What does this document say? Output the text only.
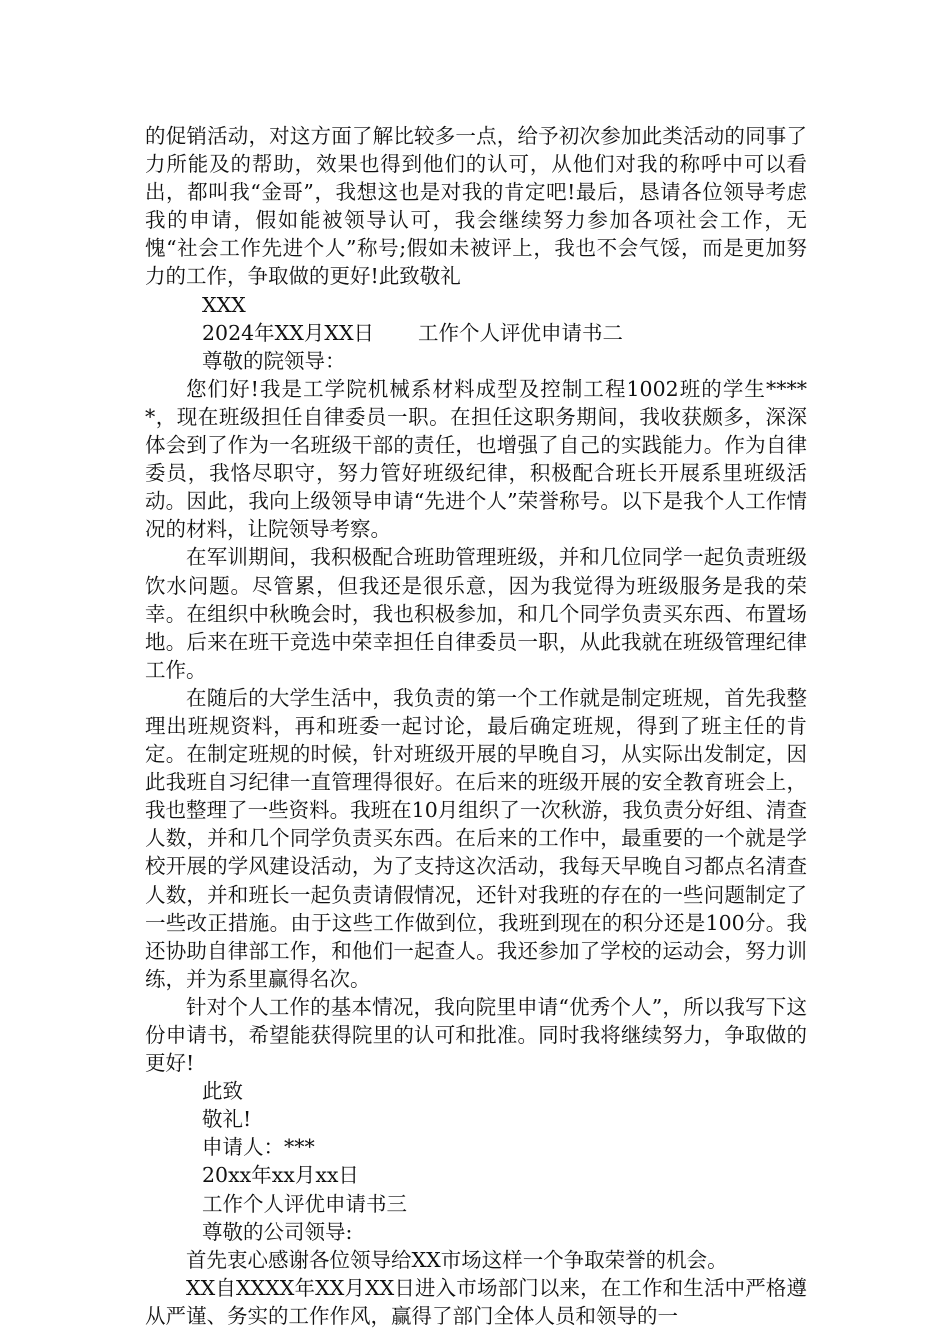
的促销活动，对这方面了解比较多一点，给予初次参加此类活动的同事了力所能及的帮助，效果也得到他们的认可，从他们对我的称呼中可以看出，都叫我“金哥”，我想这也是对我的肯定吧!最后，恳请各位领导考虑我的申请，假如能被领导认可，我会继续努力参加各项社会工作，无愧“社会工作先进个人”称号;假如未被评上，我也不会气馁，而是更加努力的工作，争取做的更好!此致敬礼

XXX

2024年XX月XX日 工作个人评优申请书二

尊敬的院领导：

您们好!我是工学院机械系材料成型及控制工程1002班的学生*****，现在班级担任自律委员一职。在担任这职务期间，我收获颇多，深深体会到了作为一名班级干部的责任，也增强了自己的实践能力。作为自律委员，我恪尽职守，努力管好班级纪律，积极配合班长开展系里班级活动。因此，我向上级领导申请“先进个人”荣誉称号。以下是我个人工作情况的材料，让院领导考察。

在军训期间，我积极配合班助管理班级，并和几位同学一起负责班级饮水问题。尽管累，但我还是很乐意，因为我觉得为班级服务是我的荣幸。在组织中秋晚会时，我也积极参加，和几个同学负责买东西、布置场地。后来在班干竞选中荣幸担任自律委员一职，从此我就在班级管理纪律工作。

在随后的大学生活中，我负责的第一个工作就是制定班规，首先我整理出班规资料，再和班委一起讨论，最后确定班规，得到了班主任的肯定。在制定班规的时候，针对班级开展的早晚自习，从实际出发制定，因此我班自习纪律一直管理得很好。在后来的班级开展的安全教育班会上，我也整理了一些资料。我班在10月组织了一次秋游，我负责分好组、清查人数，并和几个同学负责买东西。在后来的工作中，最重要的一个就是学校开展的学风建设活动，为了支持这次活动，我每天早晚自习都点名清查人数，并和班长一起负责请假情况，还针对我班的存在的一些问题制定了一些改正措施。由于这些工作做到位，我班到现在的积分还是100分。我还协助自律部工作，和他们一起查人。我还参加了学校的运动会，努力训练，并为系里赢得名次。

针对个人工作的基本情况，我向院里申请“优秀个人”，所以我写下这份申请书，希望能获得院里的认可和批准。同时我将继续努力，争取做的更好!

此致

敬礼!

申请人：***

20xx年xx月xx日

工作个人评优申请书三

尊敬的公司领导:

首先衷心感谢各位领导给XX市场这样一个争取荣誉的机会。

XX自XXXX年XX月XX日进入市场部门以来，在工作和生活中严格遵从严谨、务实的工作作风，赢得了部门全体人员和领导的一
